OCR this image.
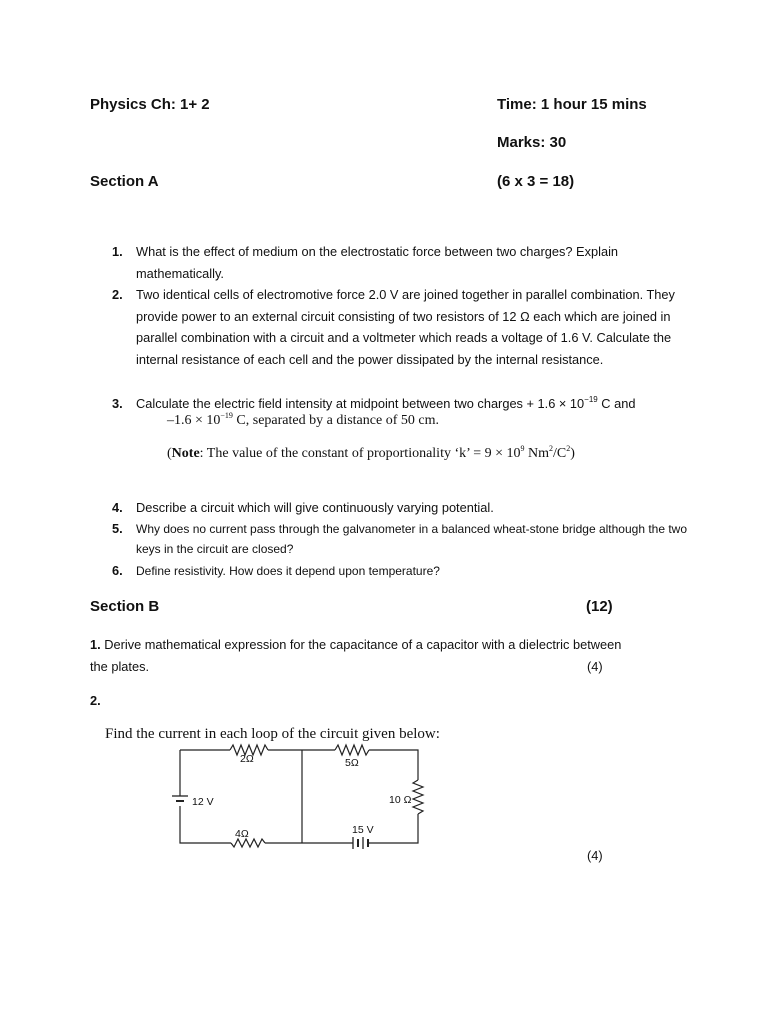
Physics Ch: 1+ 2	Time: 1 hour 15 mins
Marks: 30
Section A	(6 x 3 = 18)
1. What is the effect of medium on the electrostatic force between two charges? Explain mathematically.
2. Two identical cells of electromotive force 2.0 V are joined together in parallel combination. They provide power to an external circuit consisting of two resistors of 12 Ω each which are joined in parallel combination with a circuit and a voltmeter which reads a voltage of 1.6 V. Calculate the internal resistance of each cell and the power dissipated by the internal resistance.
3. Calculate the electric field intensity at midpoint between two charges + $1.6 \times 10^{-19}$ C and
$-1.6 \times 10^{-19}$ C, separated by a distance of 50 cm.
(Note: The value of the constant of proportionality ‘k’ = $9 \times 10^9$ $Nm^2/C^2$)
4. Describe a circuit which will give continuously varying potential.
5. Why does no current pass through the galvanometer in a balanced wheat-stone bridge although the two keys in the circuit are closed?
6. Define resistivity. How does it depend upon temperature?
Section B	(12)
1. Derive mathematical expression for the capacitance of a capacitor with a dielectric between
the plates.	(4)
2.
Find the current in each loop of the circuit given below:
2Ω	5Ω
12 V	10 Ω
4Ω	15 V
(4)
